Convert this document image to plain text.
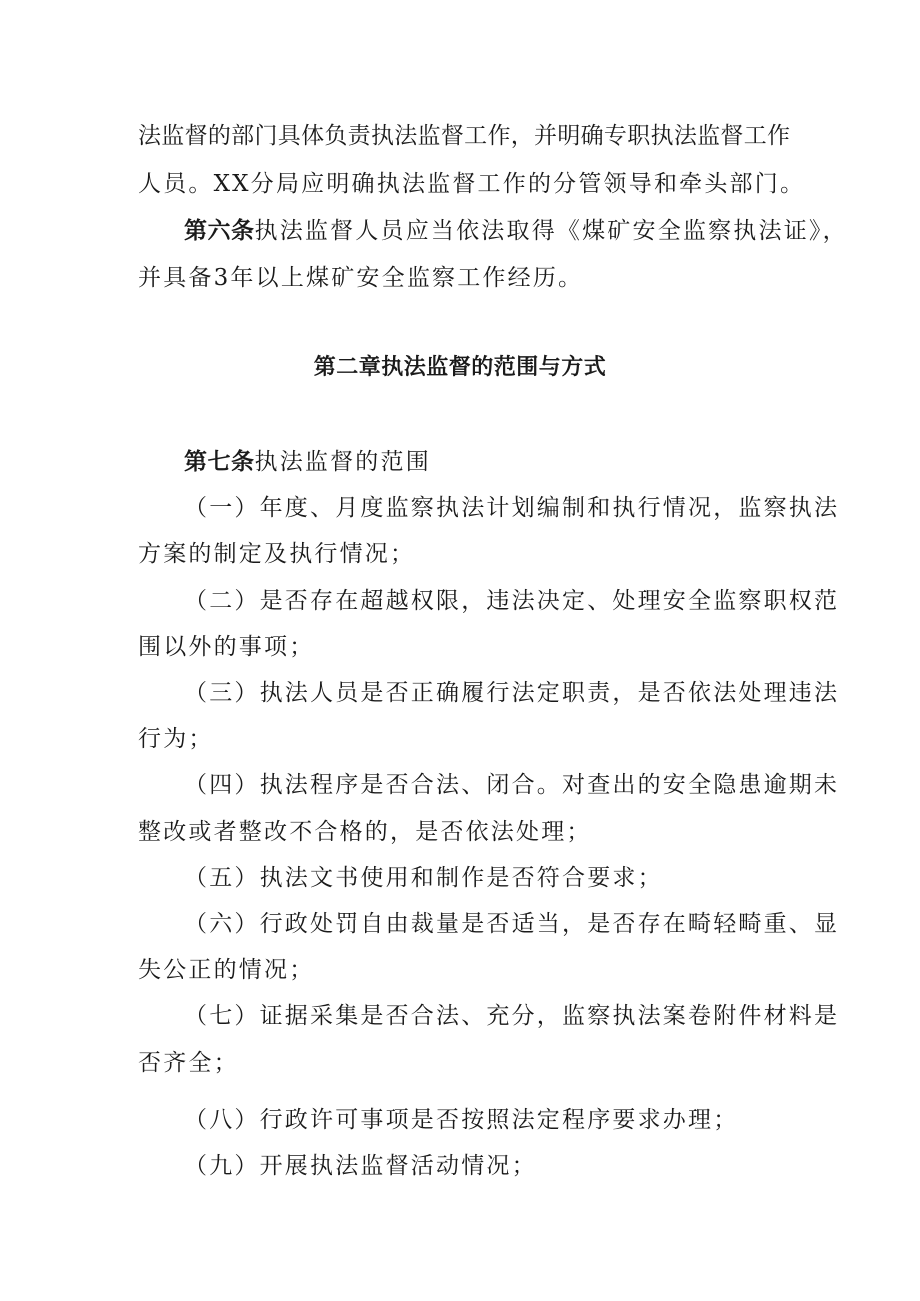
法监督的部门具体负责执法监督工作，并明确专职执法监督工作
人员。XX分局应明确执法监督工作的分管领导和牵头部门。
第六条执法监督人员应当依法取得《煤矿安全监察执法证》，
并具备3年以上煤矿安全监察工作经历。
第二章执法监督的范围与方式
第七条执法监督的范围
（一）年度、月度监察执法计划编制和执行情况，监察执法
方案的制定及执行情况；
（二）是否存在超越权限，违法决定、处理安全监察职权范
围以外的事项；
（三）执法人员是否正确履行法定职责，是否依法处理违法
行为；
（四）执法程序是否合法、闭合。对查出的安全隐患逾期未
整改或者整改不合格的，是否依法处理；
（五）执法文书使用和制作是否符合要求；
（六）行政处罚自由裁量是否适当，是否存在畸轻畸重、显
失公正的情况；
（七）证据采集是否合法、充分，监察执法案卷附件材料是
否齐全；
（八）行政许可事项是否按照法定程序要求办理；
（九）开展执法监督活动情况；
